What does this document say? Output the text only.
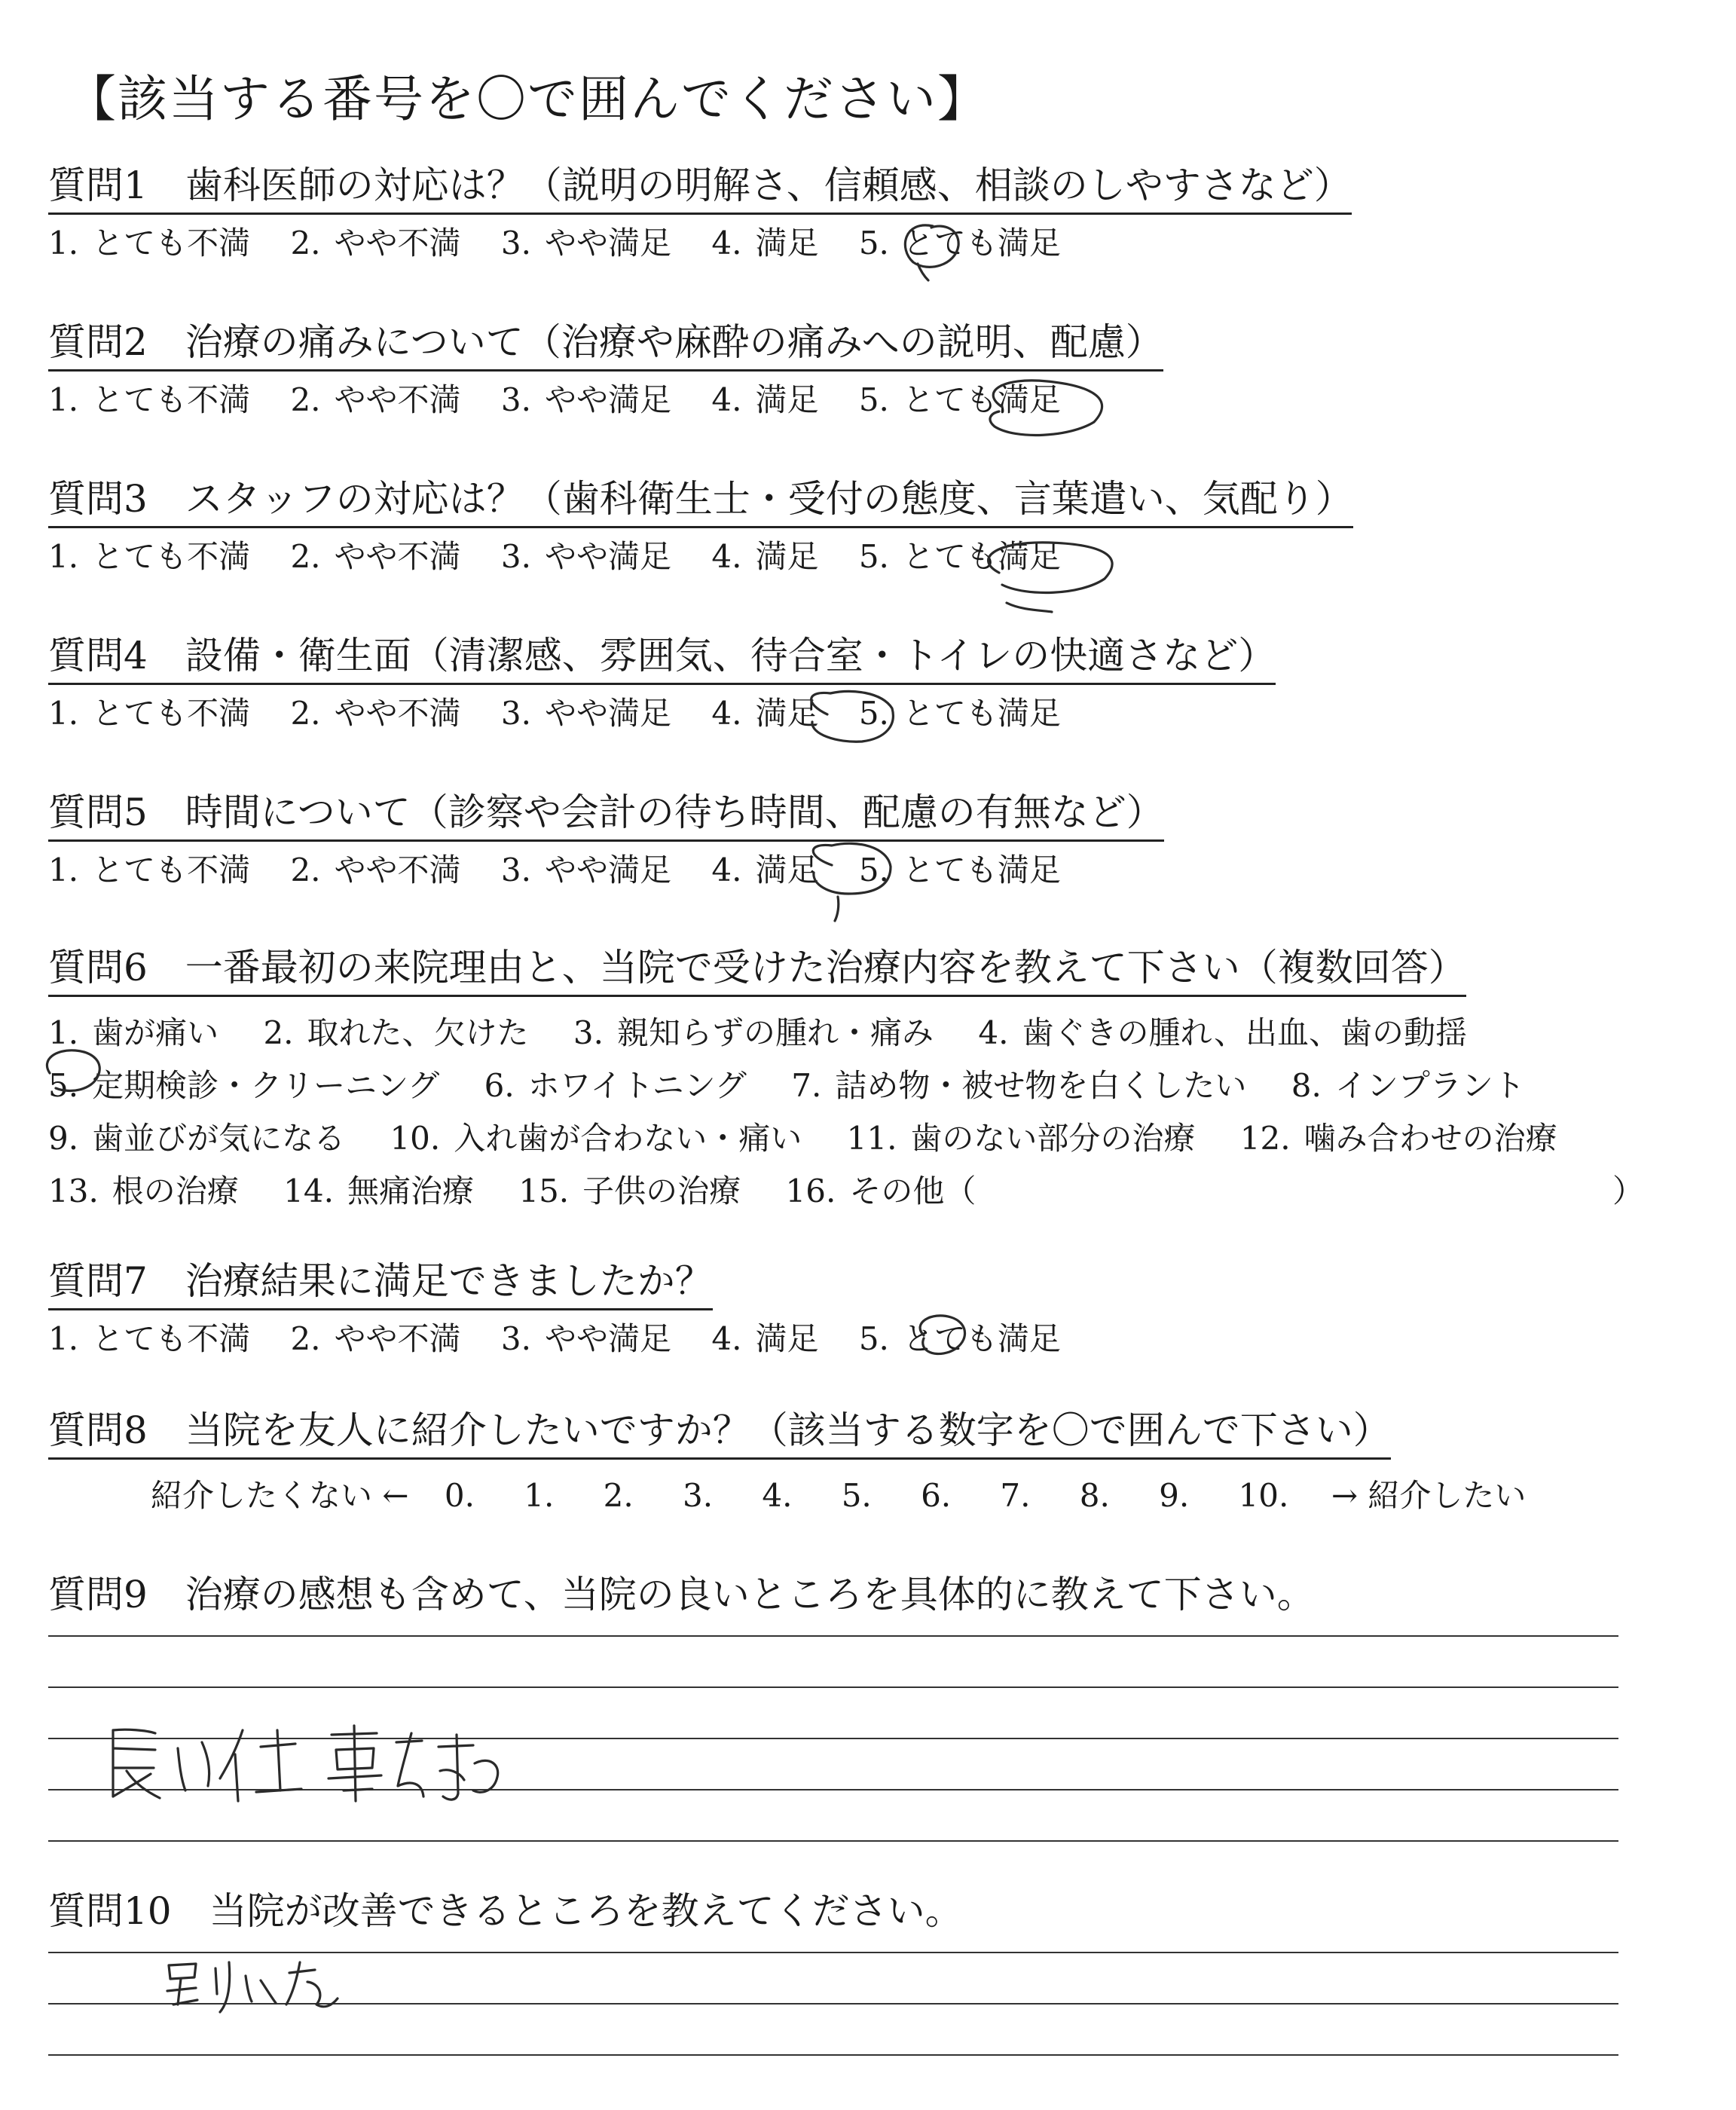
【該当する番号を〇で囲んでください】
質問1　歯科医師の対応は？（説明の明解さ、信頼感、相談のしやすさなど）
1. とても不満 2. やや不満 3. やや満足 4. 満足 5. とても満足
質問2　治療の痛みについて（治療や麻酔の痛みへの説明、配慮）
1. とても不満 2. やや不満 3. やや満足 4. 満足 5. とても満足
質問3　スタッフの対応は？（歯科衛生士・受付の態度、言葉遣い、気配り）
1. とても不満 2. やや不満 3. やや満足 4. 満足 5. とても満足
質問4　設備・衛生面（清潔感、雰囲気、待合室・トイレの快適さなど）
1. とても不満 2. やや不満 3. やや満足 4. 満足 5. とても満足
質問5　時間について（診察や会計の待ち時間、配慮の有無など）
1. とても不満 2. やや不満 3. やや満足 4. 満足 5. とても満足
質問6　一番最初の来院理由と、当院で受けた治療内容を教えて下さい（複数回答）
1. 歯が痛い 2. 取れた、欠けた 3. 親知らずの腫れ・痛み 4. 歯ぐきの腫れ、出血、歯の動揺
5. 定期検診・クリーニング 6. ホワイトニング 7. 詰め物・被せ物を白くしたい 8. インプラント
9. 歯並びが気になる 10. 入れ歯が合わない・痛い 11. 歯のない部分の治療 12. 噛み合わせの治療
13. 根の治療 14. 無痛治療 15. 子供の治療 16. その他（	）
質問7　治療結果に満足できましたか？
1. とても不満 2. やや不満 3. やや満足 4. 満足 5. とても満足
質問8　当院を友人に紹介したいですか？（該当する数字を〇で囲んで下さい）
紹介したくない ← 0. 1. 2. 3. 4. 5. 6. 7. 8. 9. 10. → 紹介したい
質問9　治療の感想も含めて、当院の良いところを具体的に教えて下さい。
質問10　当院が改善できるところを教えてください。
